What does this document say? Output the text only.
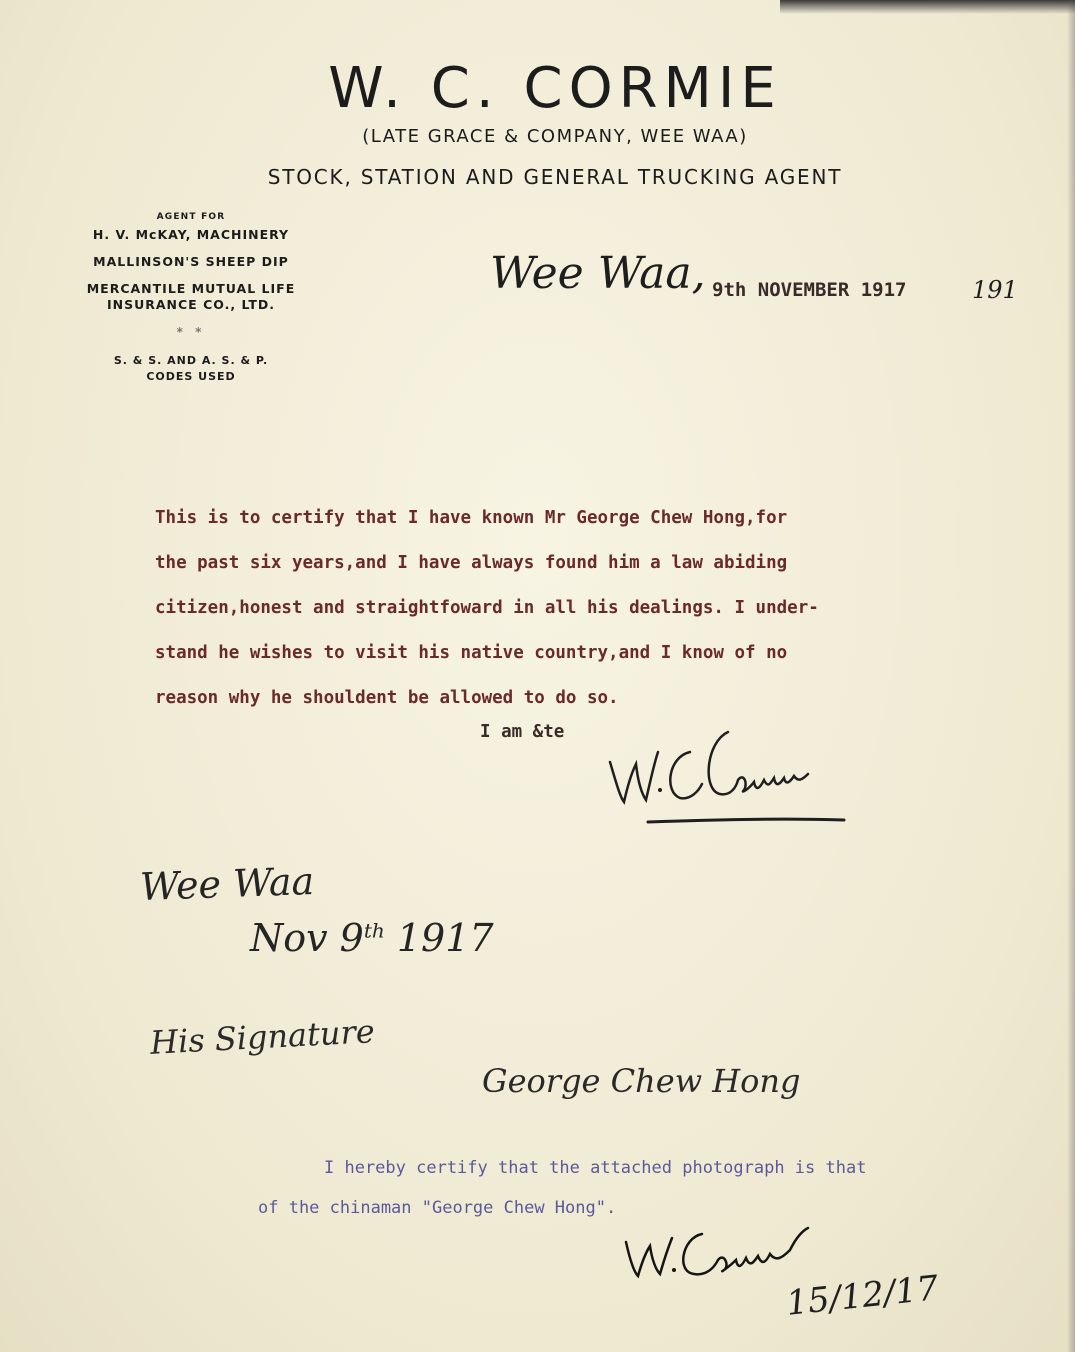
W. C. CORMIE
(LATE GRACE & COMPANY, WEE WAA)
STOCK, STATION AND GENERAL TRUCKING AGENT
AGENT FOR
H. V. McKAY, MACHINERY
MALLINSON'S SHEEP DIP
MERCANTILE MUTUAL LIFE
INSURANCE CO., LTD.
* *
S. & S. AND A. S. & P.
CODES USED
Wee Waa, 9th NOVEMBER 1917	191
This is to certify that I have known Mr George Chew Hong,for
the past six years,and I have always found him a law abiding
citizen,honest and straightfoward in all his dealings. I under-
stand he wishes to visit his native country,and I know of no
reason why he shouldent be allowed to do so.
I am &te
Wee Waa
Nov 9th 1917
His Signature
George Chew Hong
I hereby certify that the attached photograph is that
of the chinaman "George Chew Hong".
15/12/17
